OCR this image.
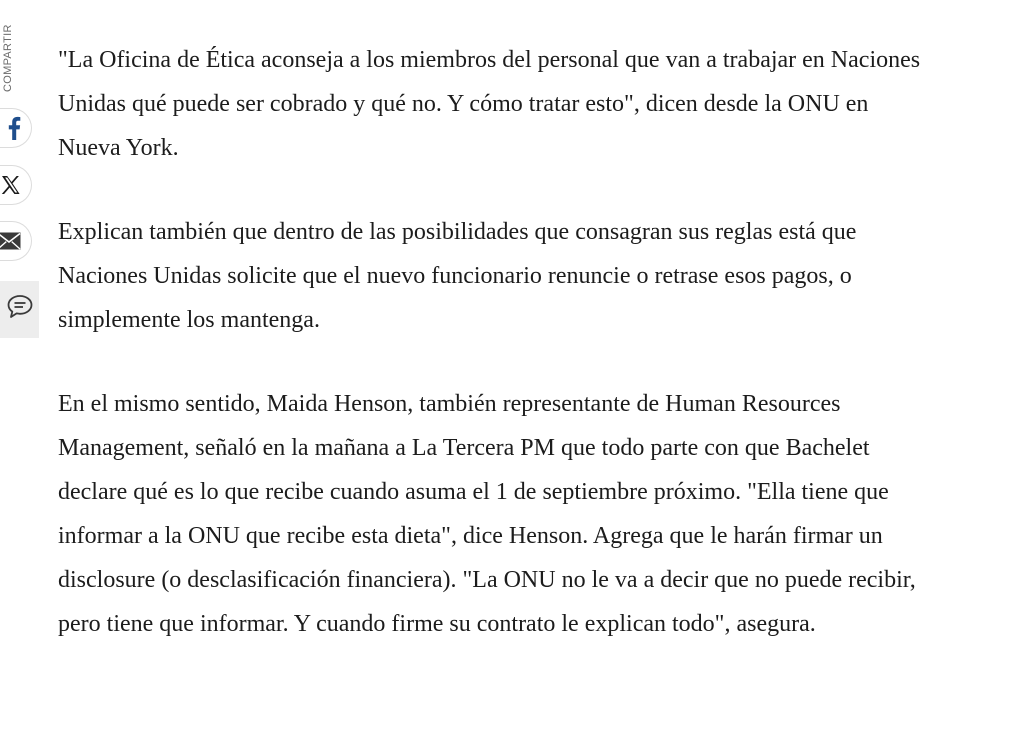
COMPARTIR	"La Oficina de Ética aconseja a los miembros del personal que van a trabajar en Naciones Unidas qué puede ser cobrado y qué no. Y cómo tratar esto", dicen desde la ONU en Nueva York.

Explican también que dentro de las posibilidades que consagran sus reglas está que Naciones Unidas solicite que el nuevo funcionario renuncie o retrase esos pagos, o simplemente los mantenga.

En el mismo sentido, Maida Henson, también representante de Human Resources Management, señaló en la mañana a La Tercera PM que todo parte con que Bachelet declare qué es lo que recibe cuando asuma el 1 de septiembre próximo. "Ella tiene que informar a la ONU que recibe esta dieta", dice Henson. Agrega que le harán firmar un disclosure (o desclasificación financiera). "La ONU no le va a decir que no puede recibir, pero tiene que informar. Y cuando firme su contrato le explican todo", asegura.
